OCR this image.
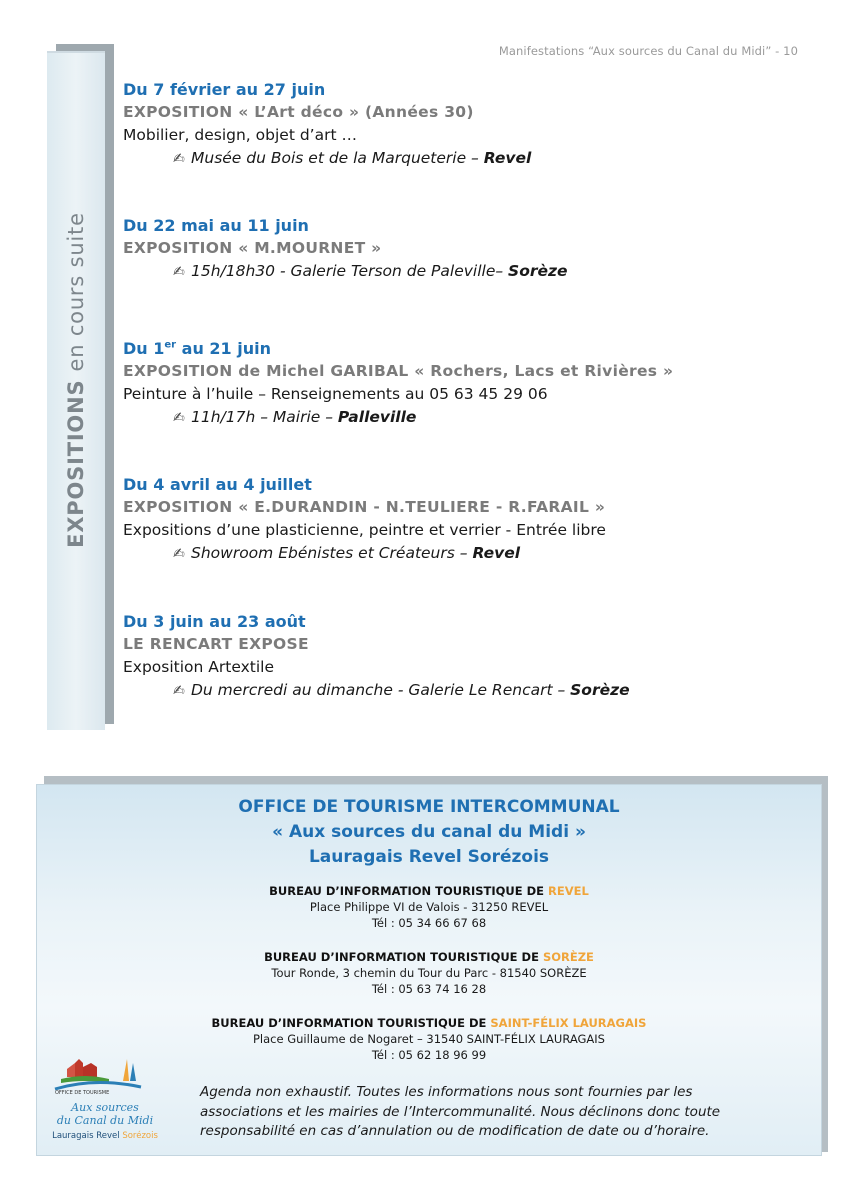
Manifestations “Aux sources du Canal du Midi” - 10
EXPOSITIONS en cours suite
Du 7 février au 27 juin
EXPOSITION « L’Art déco » (Années 30)
Mobilier, design, objet d’art …
✍ Musée du Bois et de la Marqueterie – Revel
Du 22 mai au 11 juin
EXPOSITION « M.MOURNET »
✍ 15h/18h30 - Galerie Terson de Paleville– Sorèze
Du 1er au 21 juin
EXPOSITION de Michel GARIBAL « Rochers, Lacs et Rivières »
Peinture à l’huile – Renseignements au 05 63 45 29 06
✍ 11h/17h – Mairie – Palleville
Du 4 avril au 4 juillet
EXPOSITION « E.DURANDIN - N.TEULIERE - R.FARAIL »
Expositions d’une plasticienne, peintre et verrier - Entrée libre
✍ Showroom Ebénistes et Créateurs – Revel
Du 3 juin au 23 août
LE RENCART EXPOSE
Exposition Artextile
✍ Du mercredi au dimanche - Galerie Le Rencart – Sorèze
OFFICE DE TOURISME INTERCOMMUNAL
« Aux sources du canal du Midi »
Lauragais Revel Sorézois
BUREAU D’INFORMATION TOURISTIQUE DE REVEL
Place Philippe VI de Valois - 31250 REVEL
Tél : 05 34 66 67 68
BUREAU D’INFORMATION TOURISTIQUE DE SORÈZE
Tour Ronde, 3 chemin du Tour du Parc - 81540 SORÈZE
Tél : 05 63 74 16 28
BUREAU D’INFORMATION TOURISTIQUE DE SAINT-FÉLIX LAURAGAIS
Place Guillaume de Nogaret – 31540 SAINT-FÉLIX LAURAGAIS
Tél : 05 62 18 96 99
OFFICE DE TOURISME
Aux sources
du Canal du Midi
Lauragais Revel Sorézois
Agenda non exhaustif. Toutes les informations nous sont fournies par les associations et les mairies de l’Intercommunalité. Nous déclinons donc toute responsabilité en cas d’annulation ou de modification de date ou d’horaire.
